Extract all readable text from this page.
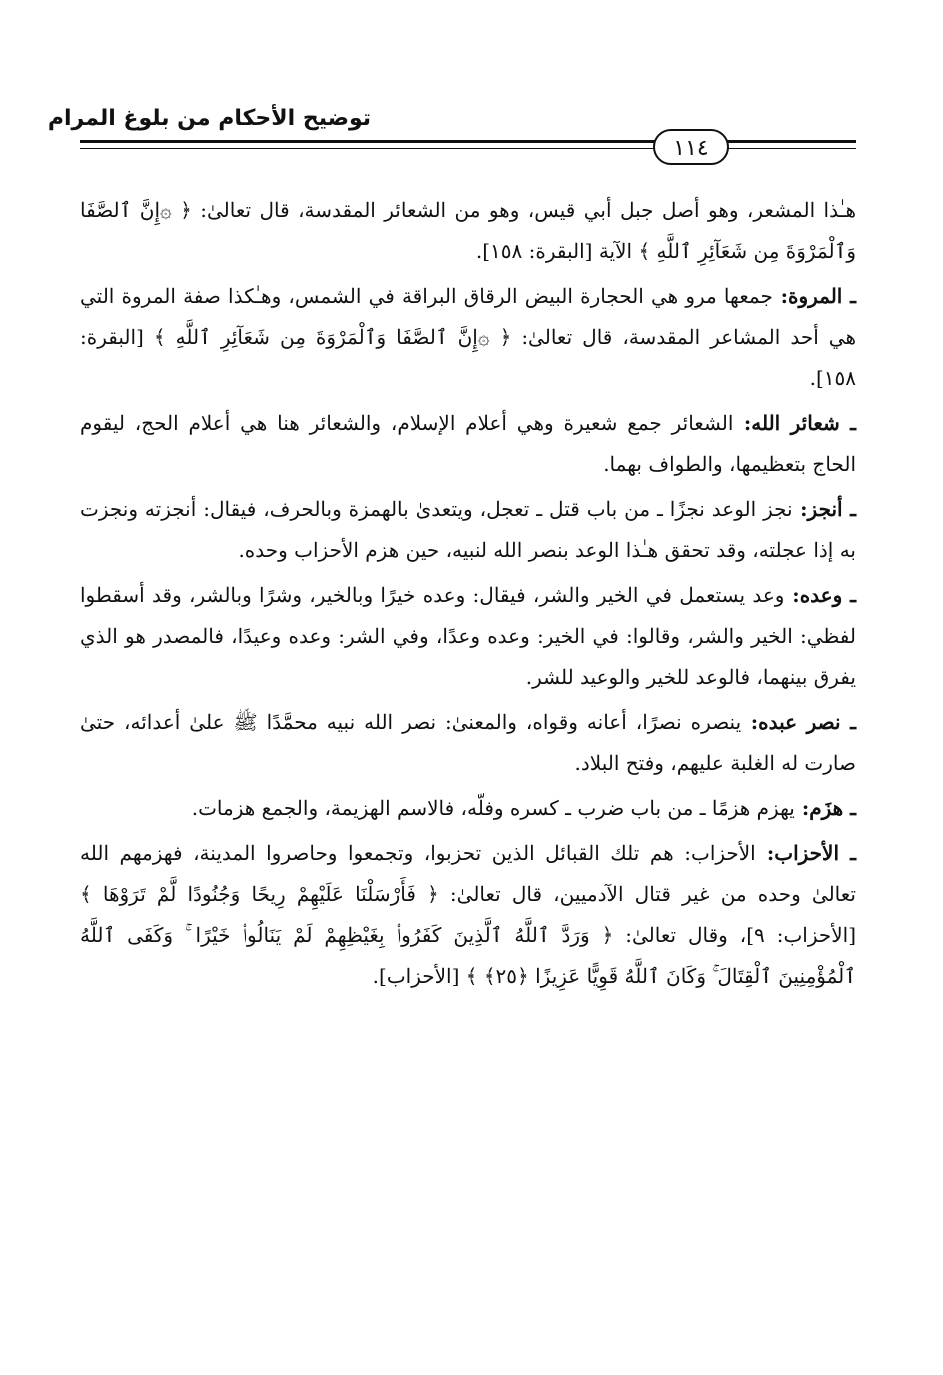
توضيح الأحكام من بلوغ المرام
١١٤

هـٰذا المشعر، وهو أصل جبل أبي قيس، وهو من الشعائر المقدسة، قال تعالىٰ: ﴿ ۞إِنَّ ٱلصَّفَا وَٱلْمَرْوَةَ مِن شَعَآئِرِ ٱللَّهِ ﴾ الآية [البقرة: ١٥٨].

ـ المروة: جمعها مرو هي الحجارة البيض الرقاق البراقة في الشمس، وهـٰكذا صفة المروة التي هي أحد المشاعر المقدسة، قال تعالىٰ: ﴿ ۞إِنَّ ٱلصَّفَا وَٱلْمَرْوَةَ مِن شَعَآئِرِ ٱللَّهِ ﴾ [البقرة: ١٥٨].

ـ شعائر الله: الشعائر جمع شعيرة وهي أعلام الإسلام، والشعائر هنا هي أعلام الحج، ليقوم الحاج بتعظيمها، والطواف بهما.

ـ أنجز: نجز الوعد نجزًا ـ من باب قتل ـ تعجل، ويتعدىٰ بالهمزة وبالحرف، فيقال: أنجزته ونجزت به إذا عجلته، وقد تحقق هـٰذا الوعد بنصر الله لنبيه، حين هزم الأحزاب وحده.

ـ وعده: وعد يستعمل في الخير والشر، فيقال: وعده خيرًا وبالخير، وشرًا وبالشر، وقد أسقطوا لفظي: الخير والشر، وقالوا: في الخير: وعده وعدًا، وفي الشر: وعده وعيدًا، فالمصدر هو الذي يفرق بينهما، فالوعد للخير والوعيد للشر.

ـ نصر عبده: ينصره نصرًا، أعانه وقواه، والمعنىٰ: نصر الله نبيه محمَّدًا ﷺ علىٰ أعدائه، حتىٰ صارت له الغلبة عليهم، وفتح البلاد.

ـ هزَم: يهزم هزمًا ـ من باب ضرب ـ كسره وفلّه، فالاسم الهزيمة، والجمع هزمات.

ـ الأحزاب: الأحزاب: هم تلك القبائل الذين تحزبوا، وتجمعوا وحاصروا المدينة، فهزمهم الله تعالىٰ وحده من غير قتال الآدميين، قال تعالىٰ: ﴿ فَأَرْسَلْنَا عَلَيْهِمْ رِيحًا وَجُنُودًا لَّمْ تَرَوْهَا ﴾ [الأحزاب: ٩]، وقال تعالىٰ: ﴿ وَرَدَّ ٱللَّهُ ٱلَّذِينَ كَفَرُوا۟ بِغَيْظِهِمْ لَمْ يَنَالُوا۟ خَيْرًا ۚ وَكَفَى ٱللَّهُ ٱلْمُؤْمِنِينَ ٱلْقِتَالَ ۚ وَكَانَ ٱللَّهُ قَوِيًّا عَزِيزًا ﴿٢٥﴾ ﴾ [الأحزاب].
